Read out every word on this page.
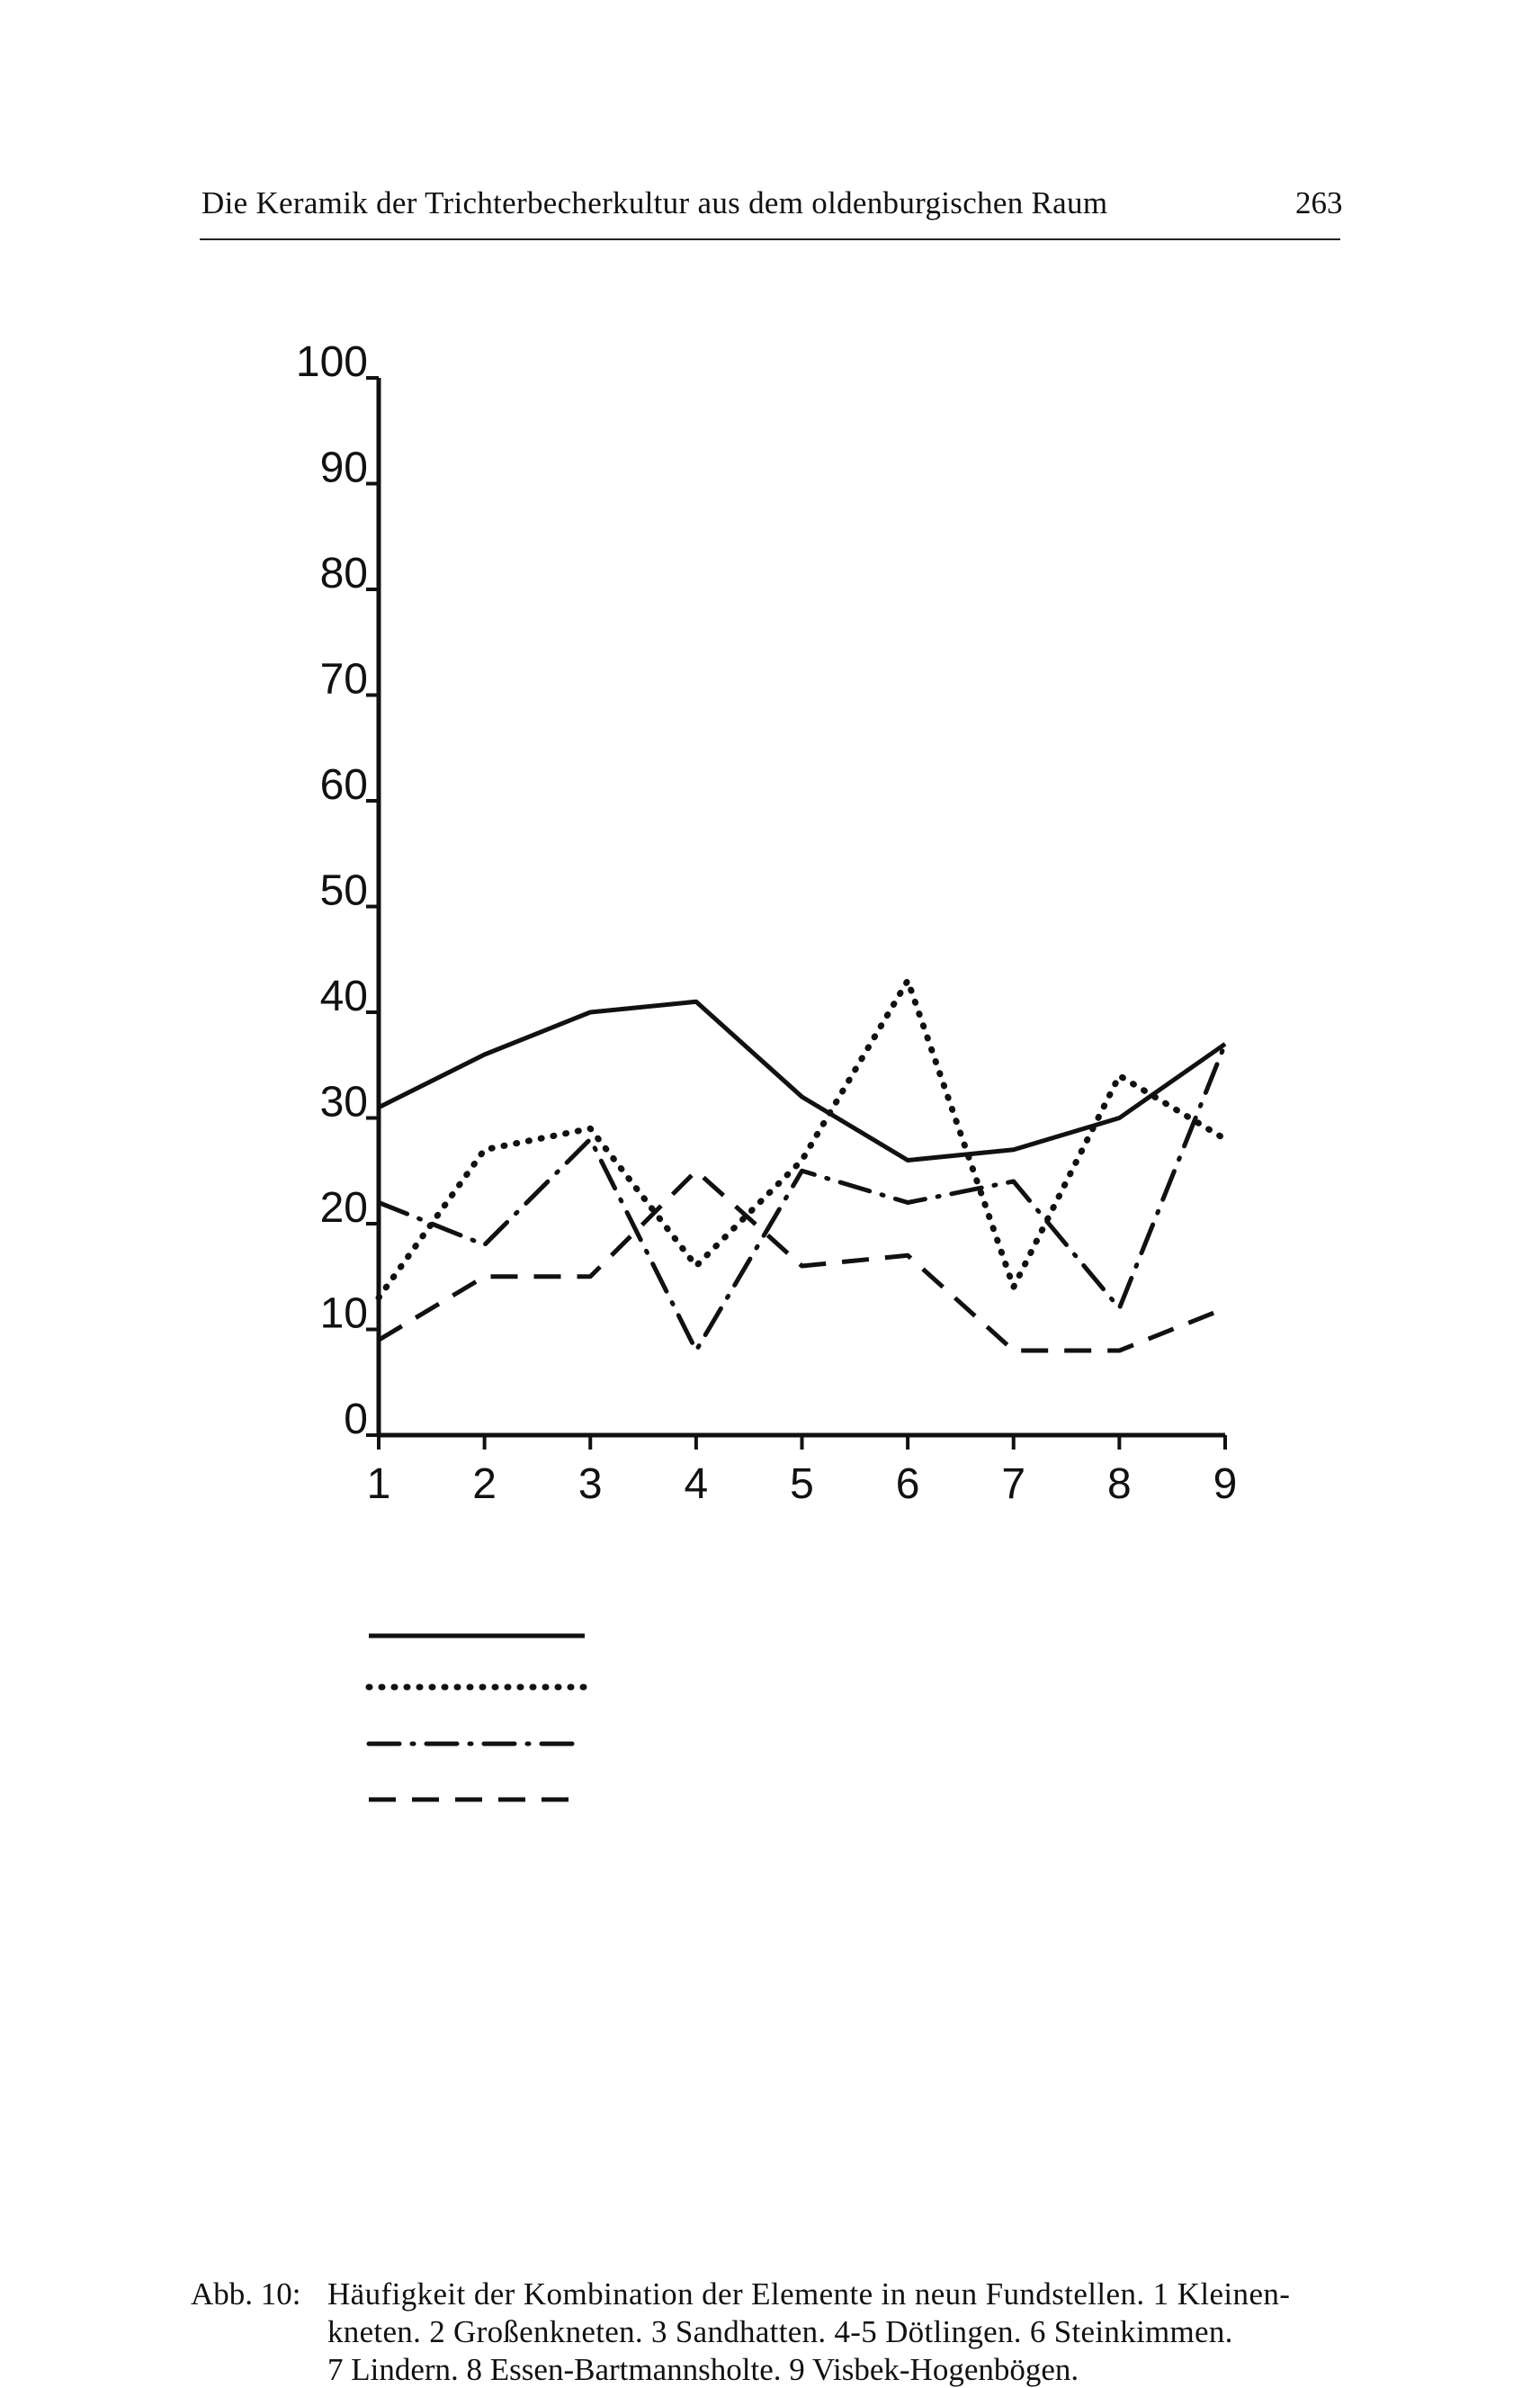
Die Keramik der Trichterbecherkultur aus dem oldenburgischen Raum	263
100
90
80
70
60
50
40
30
20
10
0
1 2 3 4 5 6 7 8 9
Abb. 10: Häufigkeit der Kombination der Elemente in neun Fundstellen. 1 Kleinen-
kneten. 2 Großenkneten. 3 Sandhatten. 4-5 Dötlingen. 6 Steinkimmen.
7 Lindern. 8 Essen-Bartmannsholte. 9 Visbek-Hogenbögen.
